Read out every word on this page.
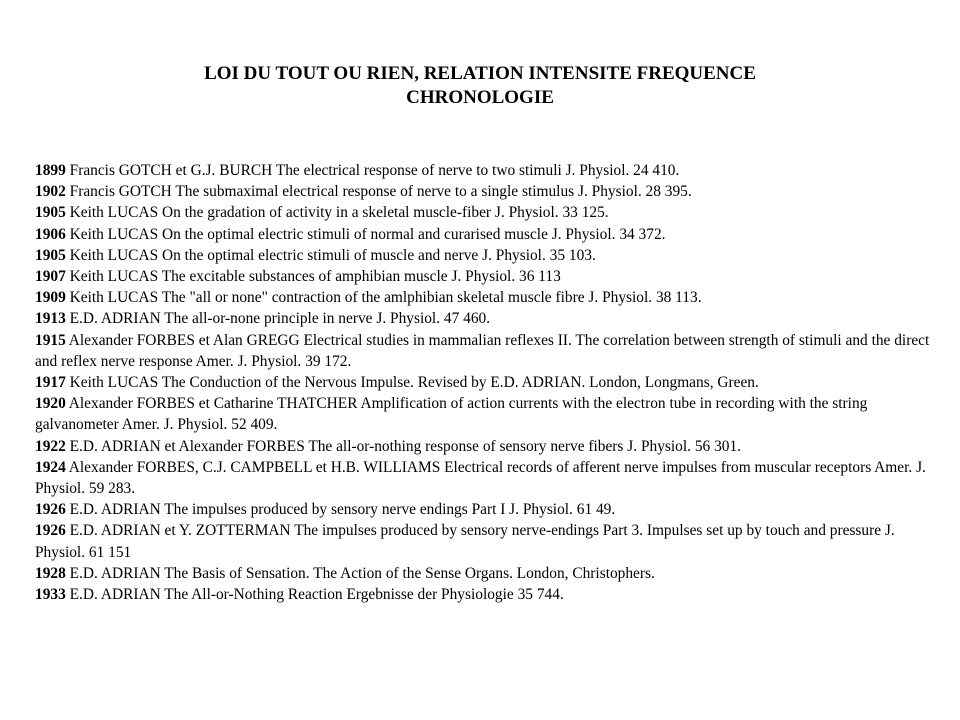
LOI DU TOUT OU RIEN, RELATION INTENSITE FREQUENCE
CHRONOLOGIE

1899 Francis GOTCH et G.J. BURCH The electrical response of nerve to two stimuli J. Physiol. 24 410.

1902 Francis GOTCH The submaximal electrical response of nerve to a single stimulus J. Physiol. 28 395.

1905 Keith LUCAS On the gradation of activity in a skeletal muscle-fiber J. Physiol. 33 125.

1906 Keith LUCAS On the optimal electric stimuli of normal and curarised muscle J. Physiol. 34 372.

1905 Keith LUCAS On the optimal electric stimuli of muscle and nerve J. Physiol. 35 103.

1907 Keith LUCAS The excitable substances of amphibian muscle J. Physiol. 36 113

1909 Keith LUCAS The "all or none" contraction of the amlphibian skeletal muscle fibre J. Physiol. 38 113.

1913 E.D. ADRIAN The all-or-none principle in nerve J. Physiol. 47 460.

1915 Alexander FORBES et Alan GREGG Electrical studies in mammalian reflexes II. The correlation between strength of stimuli and the direct and reflex nerve response Amer. J. Physiol. 39 172.

1917 Keith LUCAS The Conduction of the Nervous Impulse. Revised by E.D. ADRIAN. London, Longmans, Green.

1920 Alexander FORBES et Catharine THATCHER Amplification of action currents with the electron tube in recording with the string galvanometer Amer. J. Physiol. 52 409.

1922 E.D. ADRIAN et Alexander FORBES The all-or-nothing response of sensory nerve fibers J. Physiol. 56 301.

1924 Alexander FORBES, C.J. CAMPBELL et H.B. WILLIAMS Electrical records of afferent nerve impulses from muscular receptors Amer. J. Physiol. 59 283.

1926 E.D. ADRIAN The impulses produced by sensory nerve endings Part I J. Physiol. 61 49.

1926 E.D. ADRIAN et Y. ZOTTERMAN The impulses produced by sensory nerve-endings Part 3. Impulses set up by touch and pressure J. Physiol. 61 151

1928 E.D. ADRIAN The Basis of Sensation. The Action of the Sense Organs. London, Christophers.

1933 E.D. ADRIAN The All-or-Nothing Reaction Ergebnisse der Physiologie 35 744.
